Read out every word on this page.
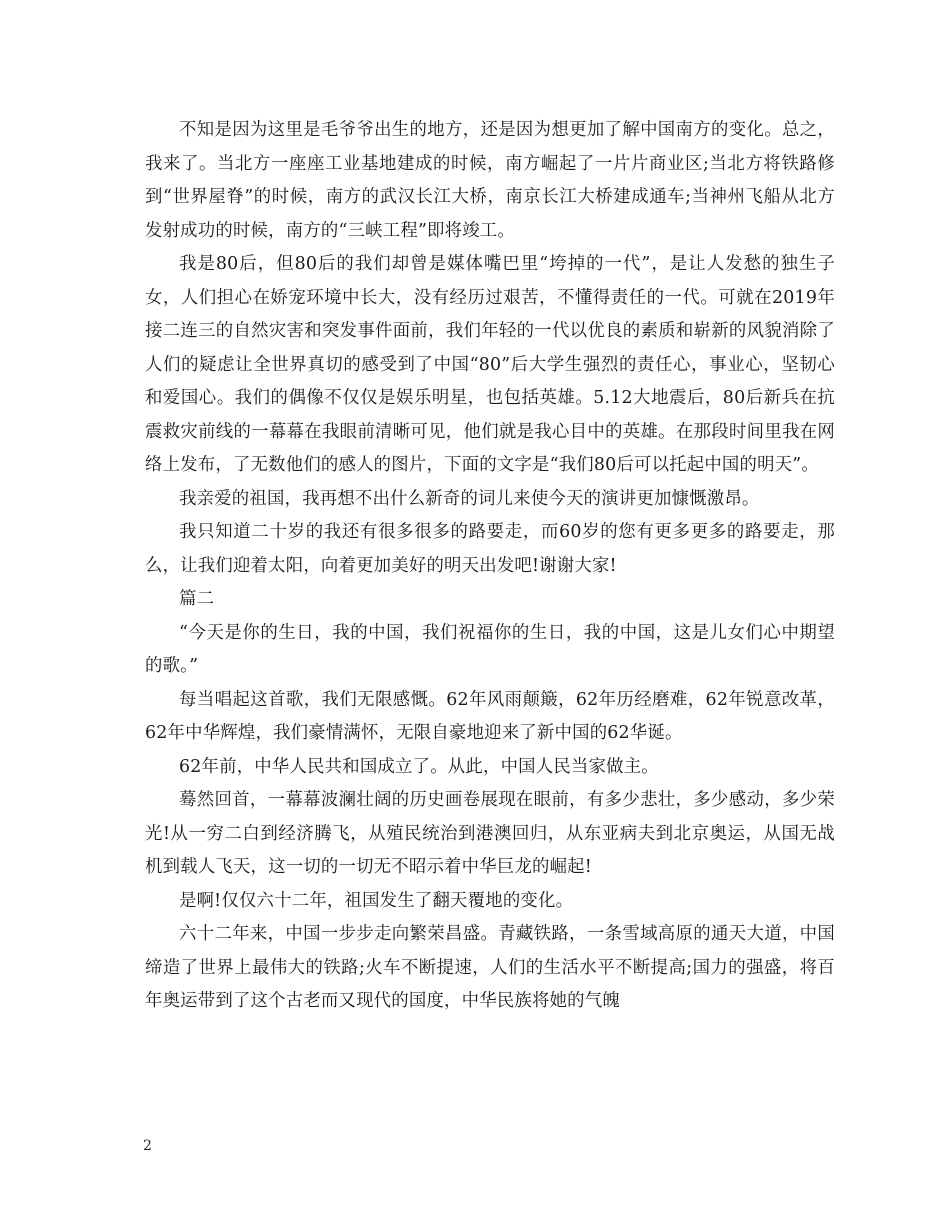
不知是因为这里是毛爷爷出生的地方，还是因为想更加了解中国南方的变化。总之，我来了。当北方一座座工业基地建成的时候，南方崛起了一片片商业区;当北方将铁路修到“世界屋脊”的时候，南方的武汉长江大桥，南京长江大桥建成通车;当神州飞船从北方发射成功的时候，南方的“三峡工程”即将竣工。

我是80后，但80后的我们却曾是媒体嘴巴里“垮掉的一代”，是让人发愁的独生子女，人们担心在娇宠环境中长大，没有经历过艰苦，不懂得责任的一代。可就在2019年接二连三的自然灾害和突发事件面前，我们年轻的一代以优良的素质和崭新的风貌消除了人们的疑虑让全世界真切的感受到了中国“80”后大学生强烈的责任心，事业心，坚韧心和爱国心。我们的偶像不仅仅是娱乐明星，也包括英雄。5.12大地震后，80后新兵在抗震救灾前线的一幕幕在我眼前清晰可见，他们就是我心目中的英雄。在那段时间里我在网络上发布，了无数他们的感人的图片，下面的文字是“我们80后可以托起中国的明天”。

我亲爱的祖国，我再想不出什么新奇的词儿来使今天的演讲更加慷慨激昂。

我只知道二十岁的我还有很多很多的路要走，而60岁的您有更多更多的路要走，那么，让我们迎着太阳，向着更加美好的明天出发吧!谢谢大家!

篇二

“今天是你的生日，我的中国，我们祝福你的生日，我的中国，这是儿女们心中期望的歌。”

每当唱起这首歌，我们无限感慨。62年风雨颠簸，62年历经磨难，62年锐意改革，62年中华辉煌，我们豪情满怀，无限自豪地迎来了新中国的62华诞。

62年前，中华人民共和国成立了。从此，中国人民当家做主。

蓦然回首，一幕幕波澜壮阔的历史画卷展现在眼前，有多少悲壮，多少感动，多少荣光!从一穷二白到经济腾飞，从殖民统治到港澳回归，从东亚病夫到北京奥运，从国无战机到载人飞天，这一切的一切无不昭示着中华巨龙的崛起!

是啊!仅仅六十二年，祖国发生了翻天覆地的变化。

六十二年来，中国一步步走向繁荣昌盛。青藏铁路，一条雪域高原的通天大道，中国缔造了世界上最伟大的铁路;火车不断提速，人们的生活水平不断提高;国力的强盛，将百年奥运带到了这个古老而又现代的国度，中华民族将她的气魄

2
